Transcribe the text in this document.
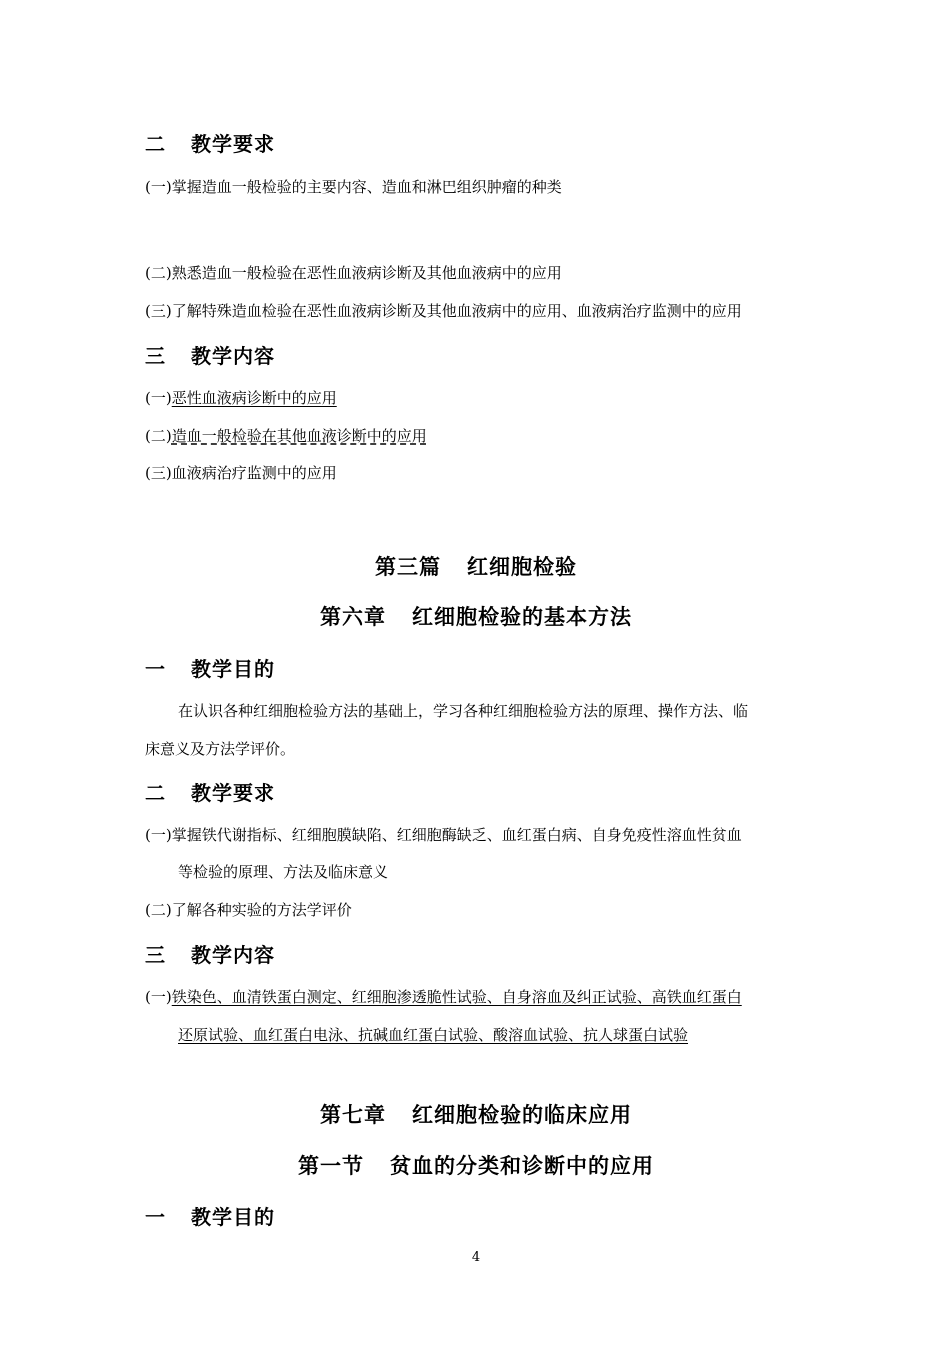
二 教学要求
(一)掌握造血一般检验的主要内容、造血和淋巴组织肿瘤的种类
(二)熟悉造血一般检验在恶性血液病诊断及其他血液病中的应用
(三)了解特殊造血检验在恶性血液病诊断及其他血液病中的应用、血液病治疗监测中的应用
三 教学内容
(一)恶性血液病诊断中的应用
(二)造血一般检验在其他血液诊断中的应用
(三)血液病治疗监测中的应用
第三篇 红细胞检验
第六章 红细胞检验的基本方法
一 教学目的
在认识各种红细胞检验方法的基础上，学习各种红细胞检验方法的原理、操作方法、临
床意义及方法学评价。
二 教学要求
(一)掌握铁代谢指标、红细胞膜缺陷、红细胞酶缺乏、血红蛋白病、自身免疫性溶血性贫血
等检验的原理、方法及临床意义
(二)了解各种实验的方法学评价
三 教学内容
(一)铁染色、血清铁蛋白测定、红细胞渗透脆性试验、自身溶血及纠正试验、高铁血红蛋白
还原试验、血红蛋白电泳、抗碱血红蛋白试验、酸溶血试验、抗人球蛋白试验
第七章 红细胞检验的临床应用
第一节 贫血的分类和诊断中的应用
一 教学目的
4
